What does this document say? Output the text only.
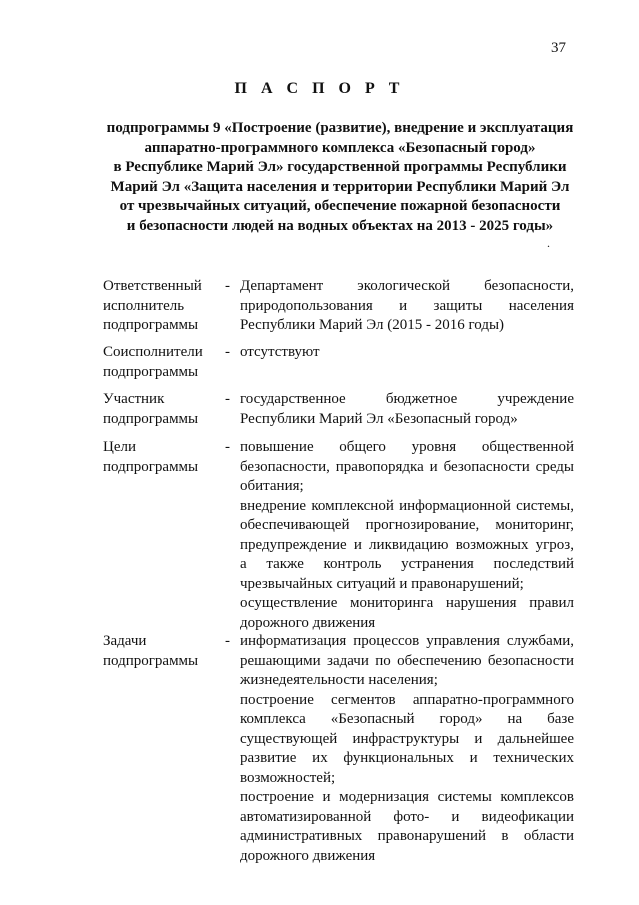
37
П А С П О Р Т
подпрограммы 9 «Построение (развитие), внедрение и эксплуатация
аппаратно-программного комплекса «Безопасный город»
в Республике Марий Эл» государственной программы Республики
Марий Эл «Защита населения и территории Республики Марий Эл
от чрезвычайных ситуаций, обеспечение пожарной безопасности
и безопасности людей на водных объектах на 2013 - 2025 годы»
.
Ответственный
исполнитель
подпрограммы
- Департамент экологической безопасности,
природопользования и защиты населения
Республики Марий Эл (2015 - 2016 годы)
Соисполнители
подпрограммы
- отсутствуют
Участник
подпрограммы
- государственное бюджетное учреждение
Республики Марий Эл «Безопасный город»
Цели
подпрограммы
- повышение общего уровня общественной
безопасности, правопорядка и безопасности среды
обитания;
внедрение комплексной информационной системы,
обеспечивающей прогнозирование, мониторинг,
предупреждение и ликвидацию возможных угроз,
а также контроль устранения последствий
чрезвычайных ситуаций и правонарушений;
осуществление мониторинга нарушения правил
дорожного движения
Задачи
подпрограммы
- информатизация процессов управления службами,
решающими задачи по обеспечению безопасности
жизнедеятельности населения;
построение сегментов аппаратно-программного
комплекса «Безопасный город» на базе
существующей инфраструктуры и дальнейшее
развитие их функциональных и технических
возможностей;
построение и модернизация системы комплексов
автоматизированной фото- и видеофикации
административных правонарушений в области
дорожного движения
